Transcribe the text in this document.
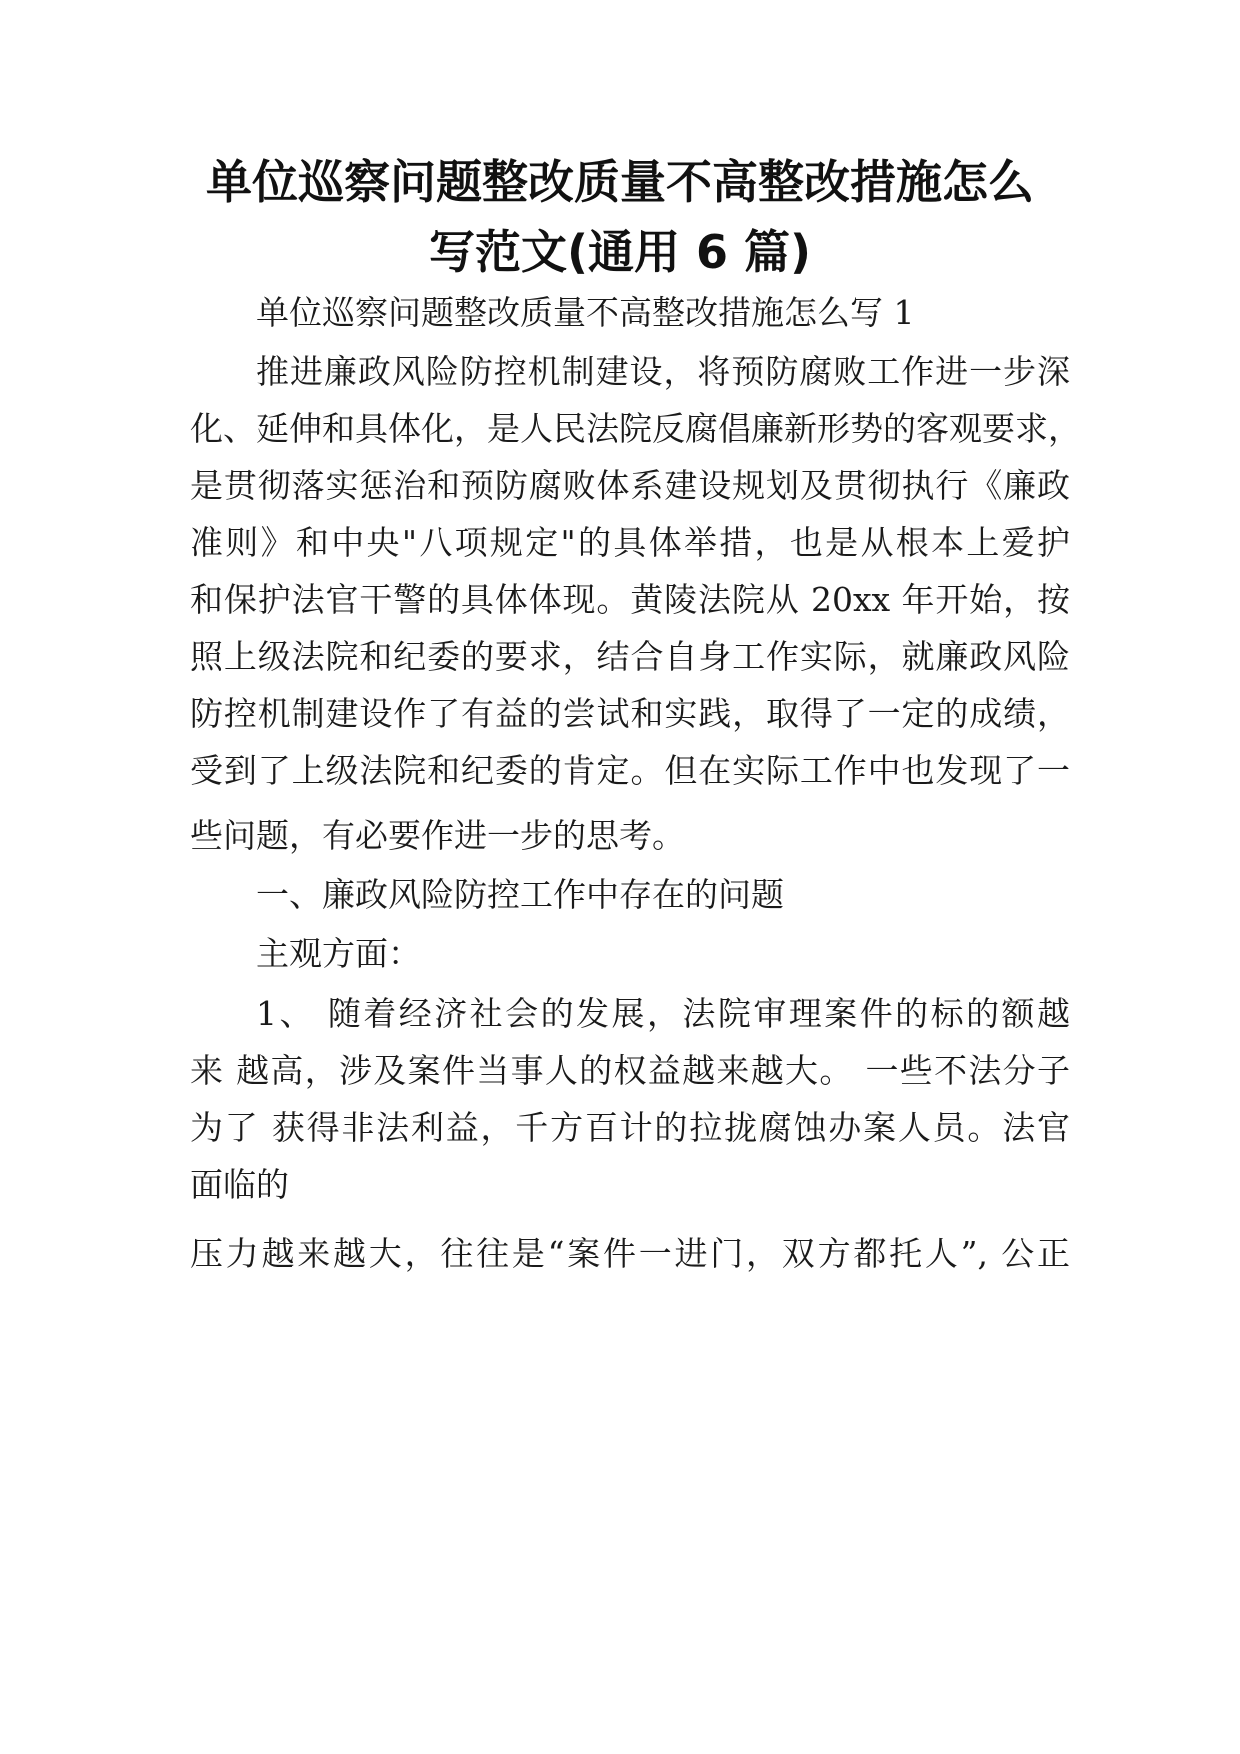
单位巡察问题整改质量不高整改措施怎么
写范文(通用 6 篇)

单位巡察问题整改质量不高整改措施怎么写 1

推进廉政风险防控机制建设，将预防腐败工作进一步深

化、延伸和具体化，是人民法院反腐倡廉新形势的客观要求，

是贯彻落实惩治和预防腐败体系建设规划及贯彻执行《廉政

准则》和中央"八项规定"的具体举措，也是从根本上爱护

和保护法官干警的具体体现。黄陵法院从 20xx 年开始，按

照上级法院和纪委的要求，结合自身工作实际，就廉政风险

防控机制建设作了有益的尝试和实践，取得了一定的成绩，

受到了上级法院和纪委的肯定。但在实际工作中也发现了一

些问题，有必要作进一步的思考。

一、廉政风险防控工作中存在的问题

主观方面：

1、 随着经济社会的发展，法院审理案件的标的额越

来 越高，涉及案件当事人的权益越来越大。 一些不法分子

为了 获得非法利益，千方百计的拉拢腐蚀办案人员。法官

面临的

压力越来越大，往往是“案件一进门，双方都托人”, 公正
